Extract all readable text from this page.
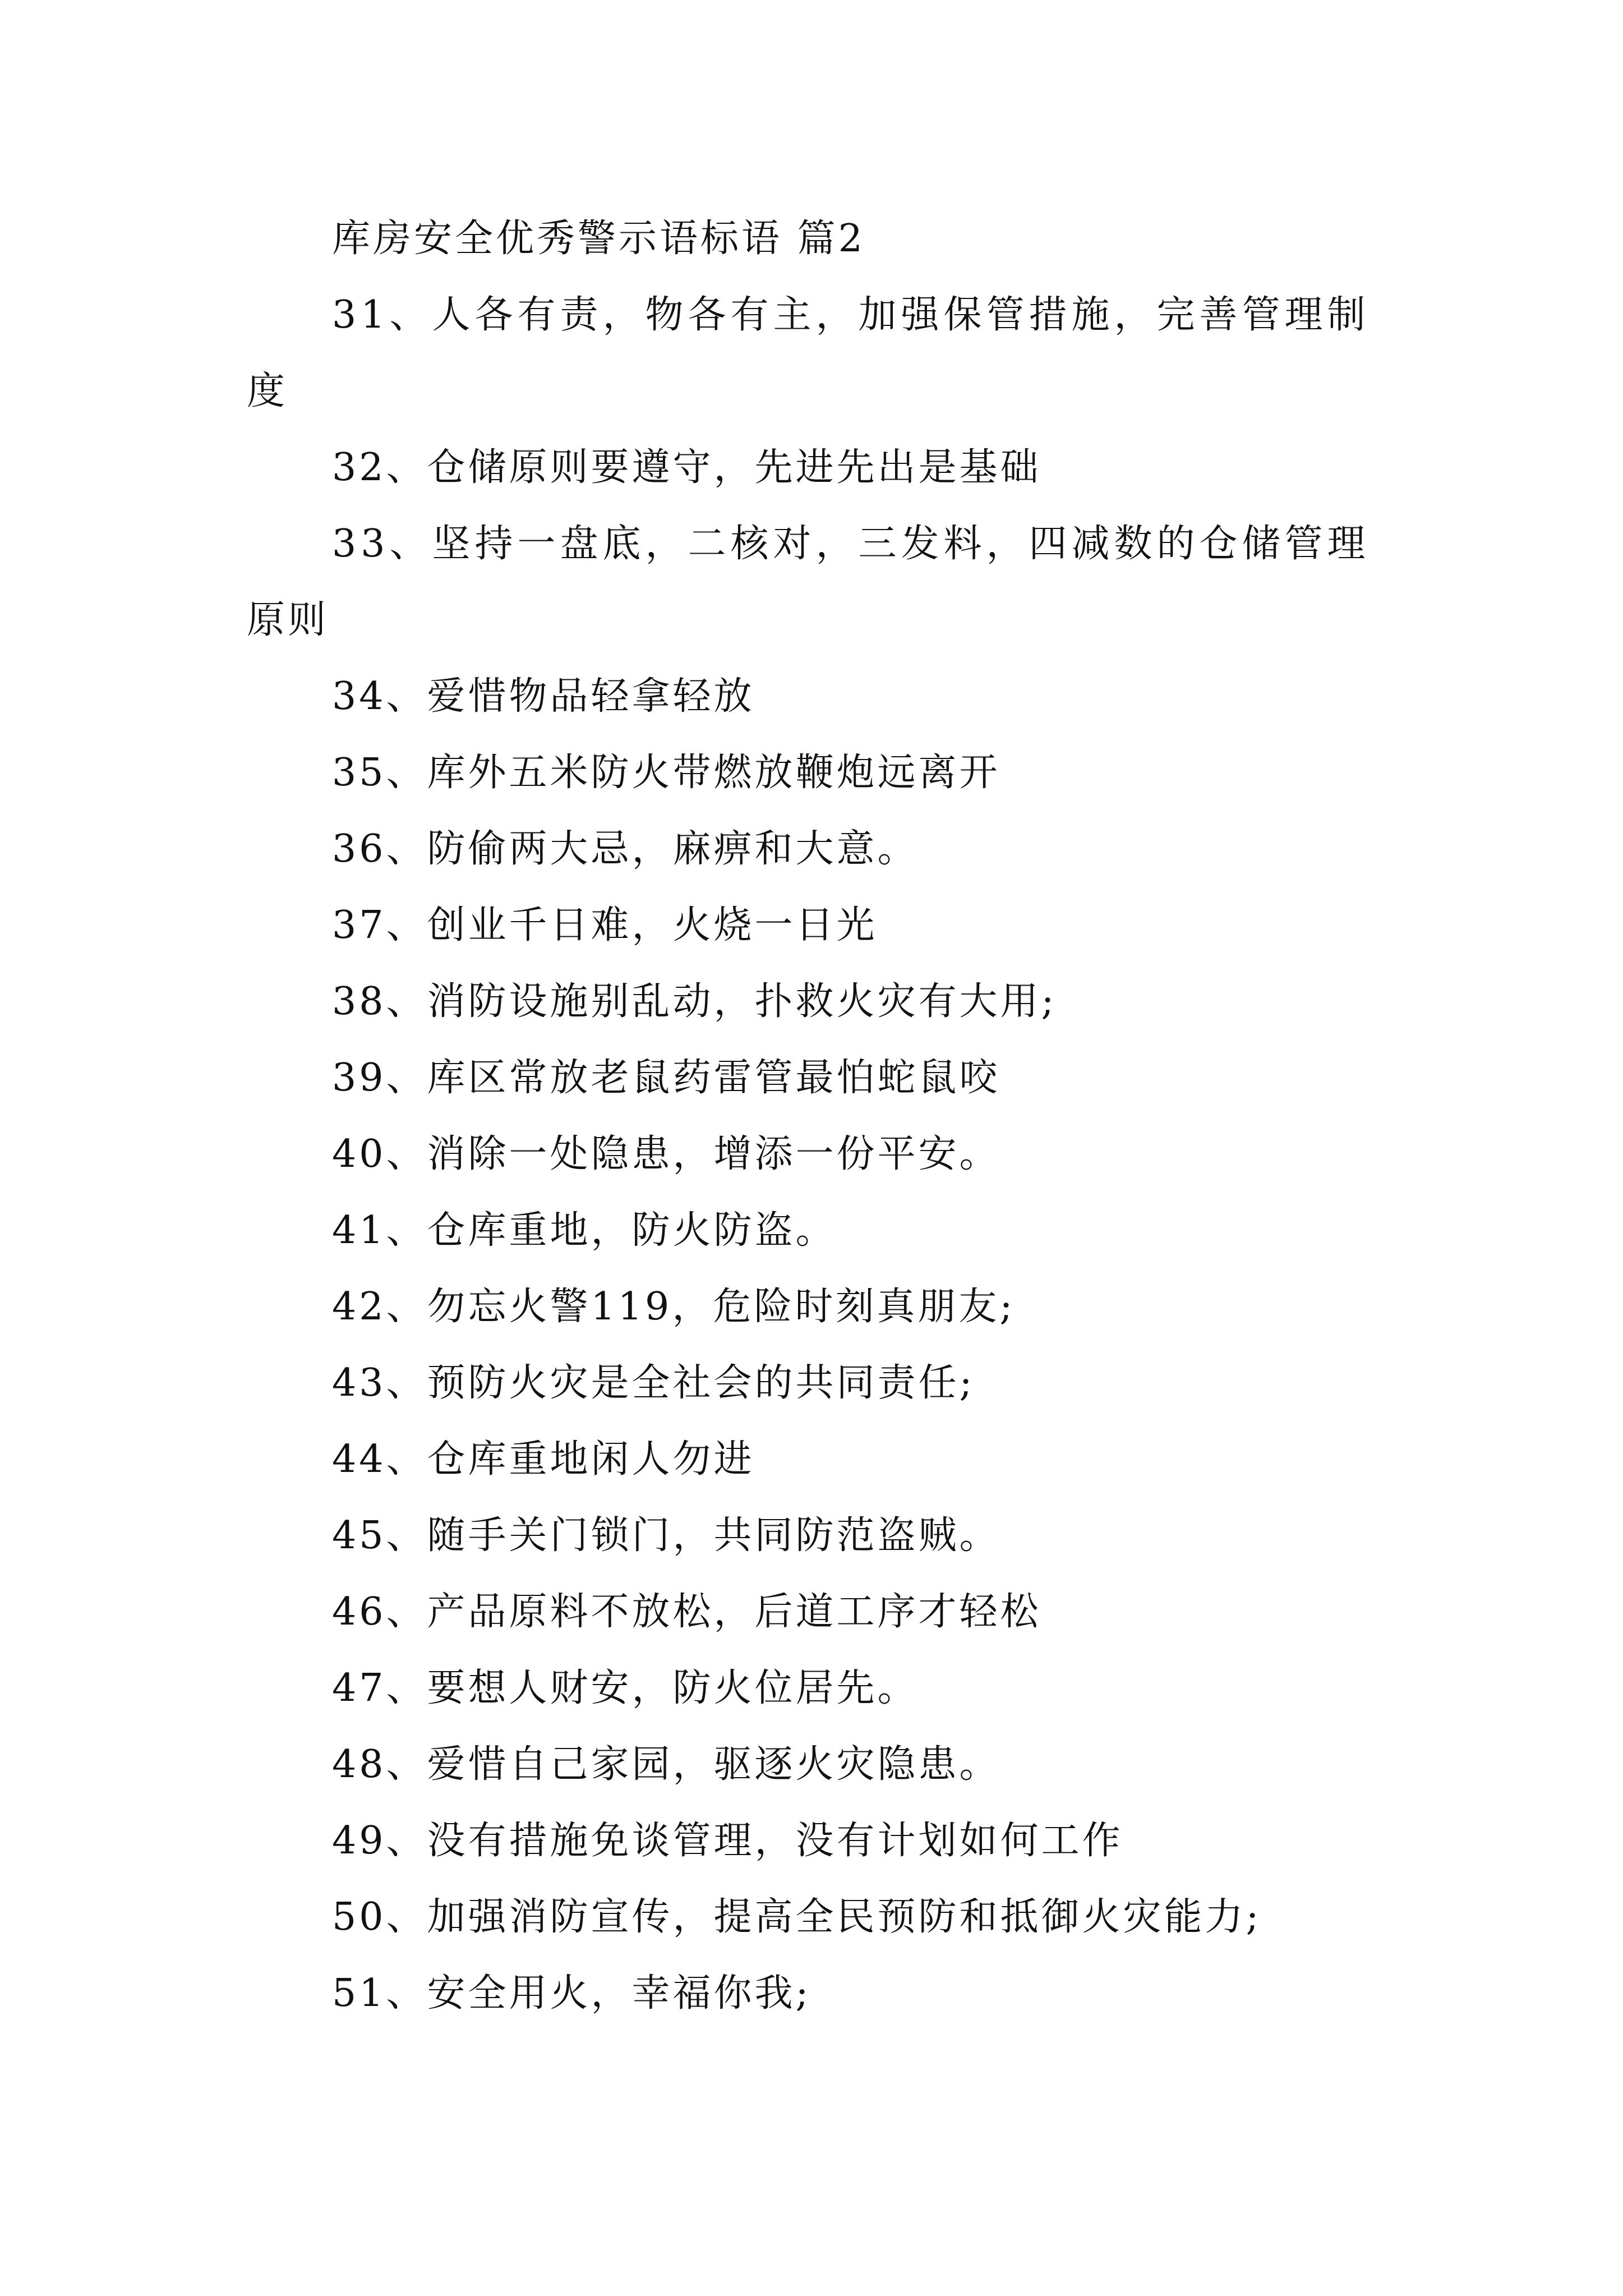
库房安全优秀警示语标语 篇2
31、人各有责，物各有主，加强保管措施，完善管理制
度
32、仓储原则要遵守，先进先出是基础
33、坚持一盘底，二核对，三发料，四减数的仓储管理
原则
34、爱惜物品轻拿轻放
35、库外五米防火带燃放鞭炮远离开
36、防偷两大忌，麻痹和大意。
37、创业千日难，火烧一日光
38、消防设施别乱动，扑救火灾有大用;
39、库区常放老鼠药雷管最怕蛇鼠咬
40、消除一处隐患，增添一份平安。
41、仓库重地，防火防盗。
42、勿忘火警119，危险时刻真朋友;
43、预防火灾是全社会的共同责任;
44、仓库重地闲人勿进
45、随手关门锁门，共同防范盗贼。
46、产品原料不放松，后道工序才轻松
47、要想人财安，防火位居先。
48、爱惜自己家园，驱逐火灾隐患。
49、没有措施免谈管理，没有计划如何工作
50、加强消防宣传，提高全民预防和抵御火灾能力;
51、安全用火，幸福你我;
